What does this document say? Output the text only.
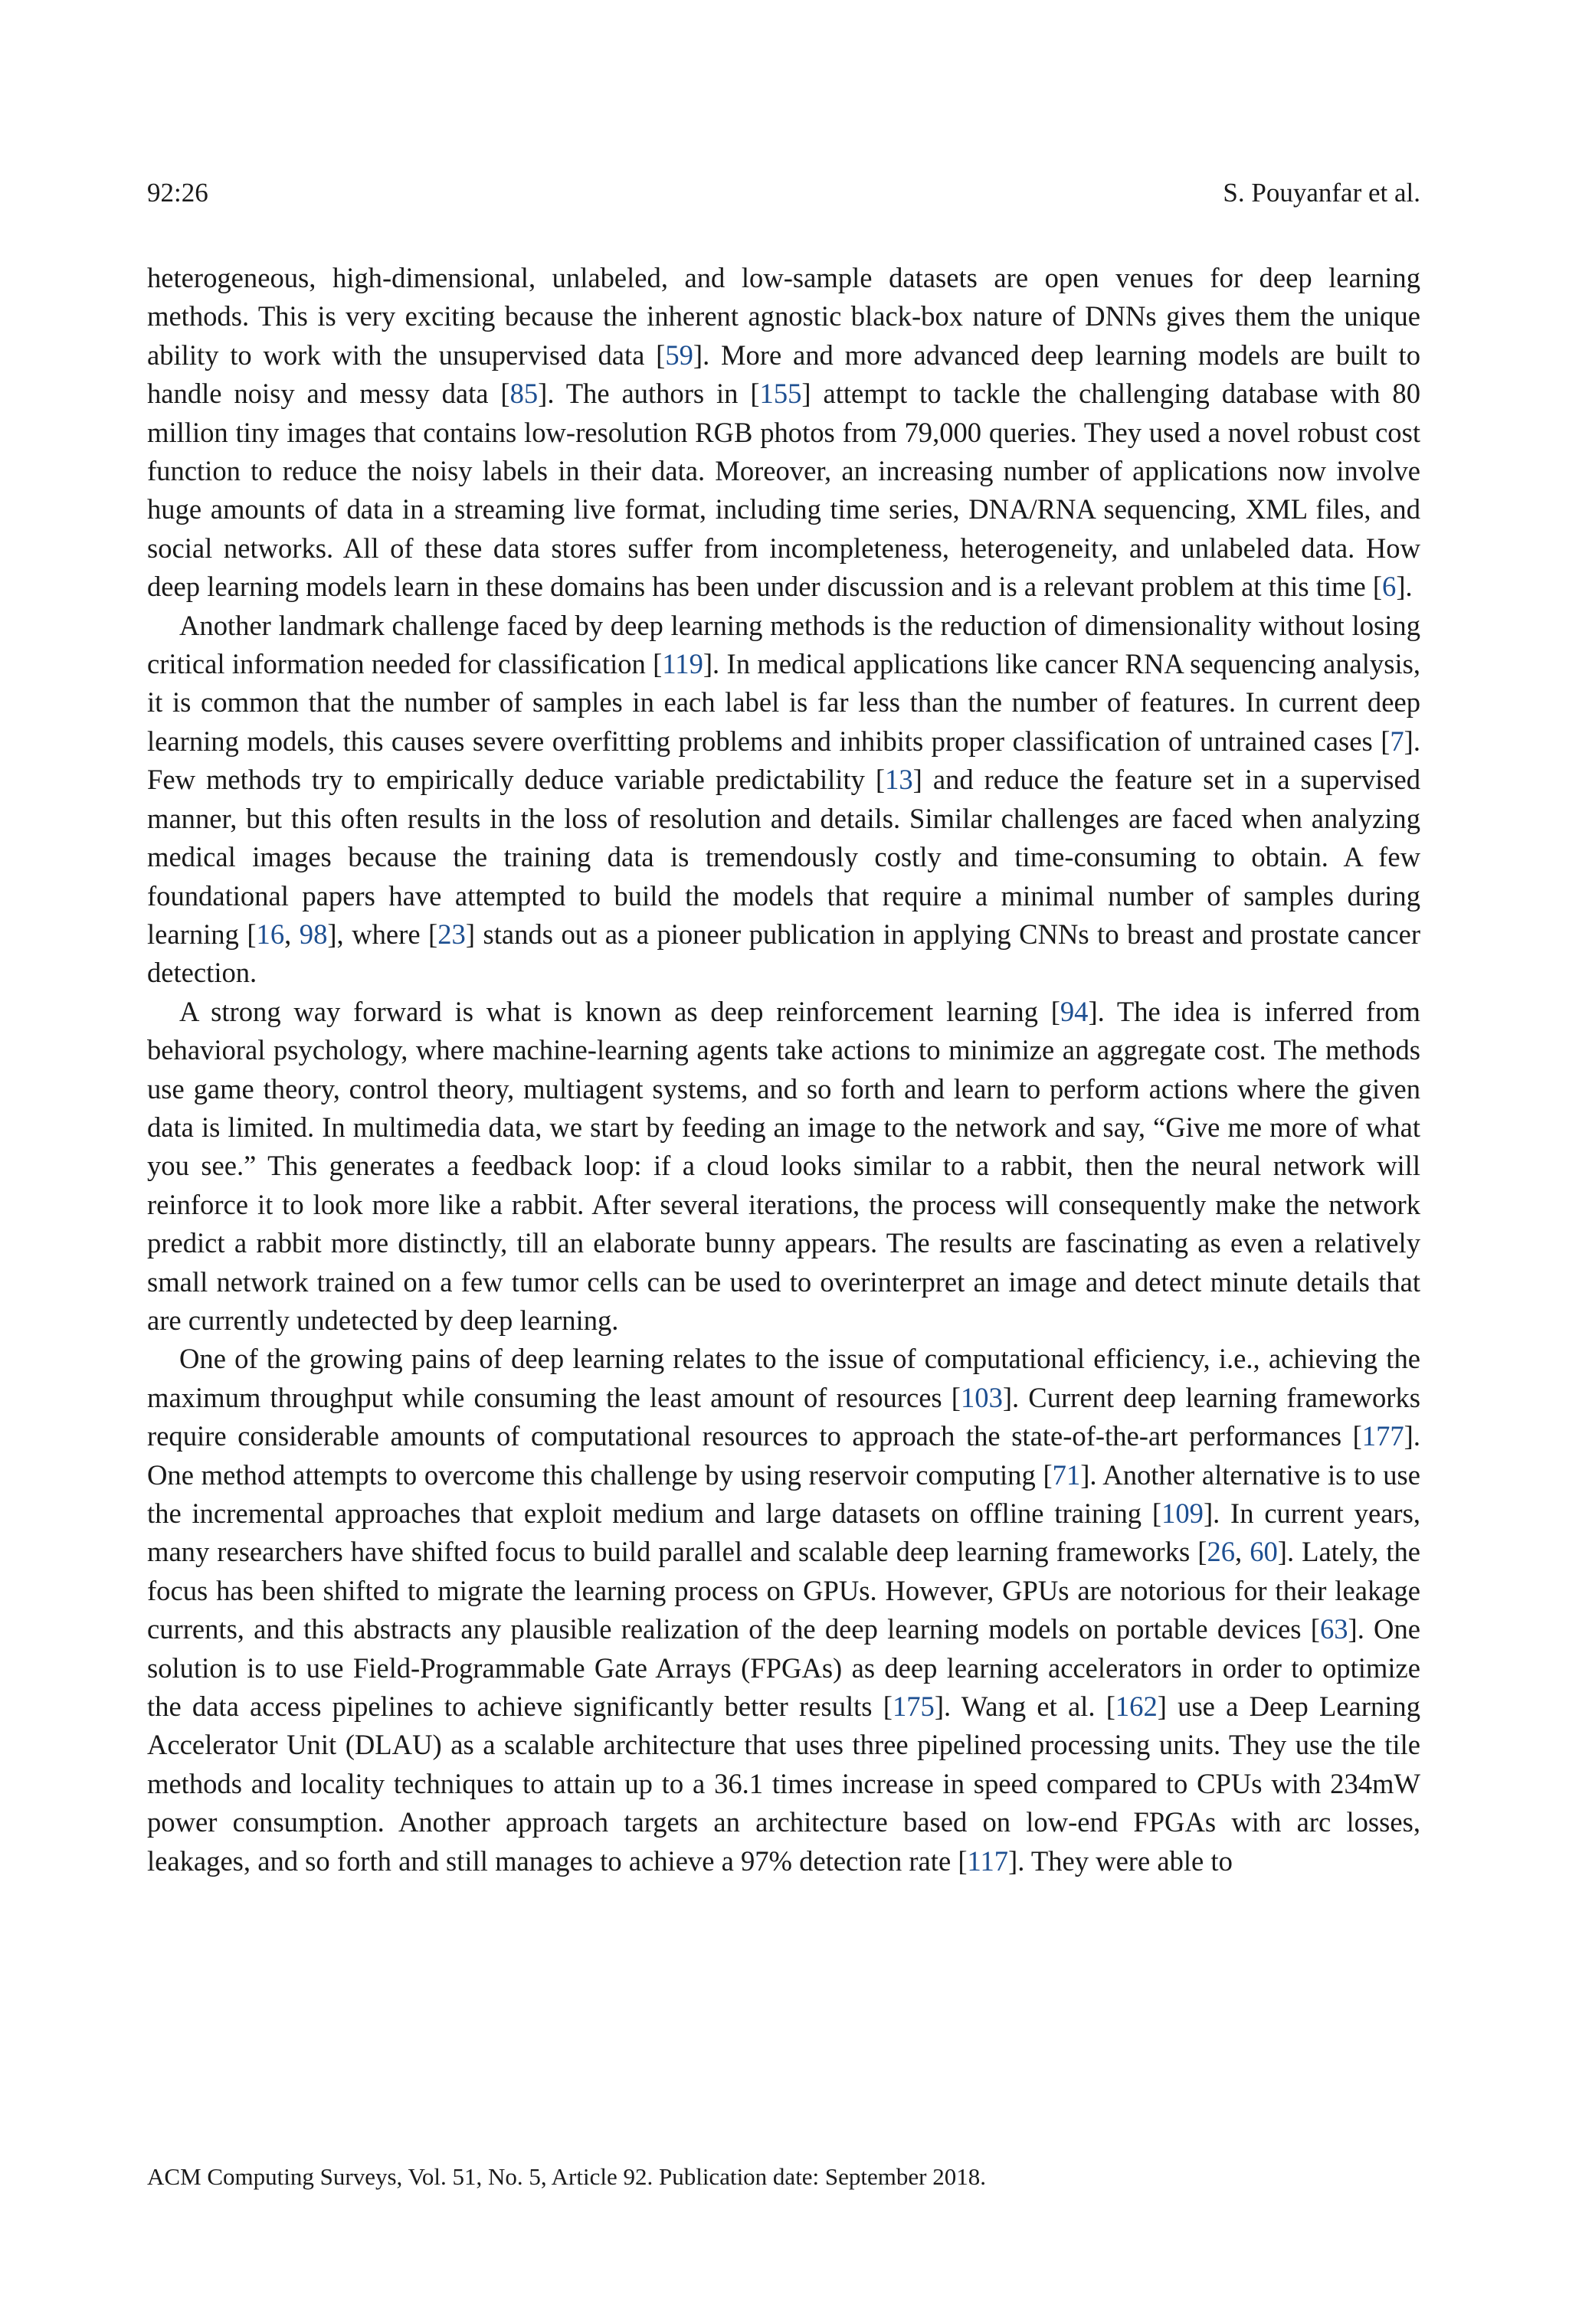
92:26	S. Pouyanfar et al.

heterogeneous, high-dimensional, unlabeled, and low-sample datasets are open venues for deep learning methods. This is very exciting because the inherent agnostic black-box nature of DNNs gives them the unique ability to work with the unsupervised data [59]. More and more advanced deep learning models are built to handle noisy and messy data [85]. The authors in [155] attempt to tackle the challenging database with 80 million tiny images that contains low-resolution RGB photos from 79,000 queries. They used a novel robust cost function to reduce the noisy labels in their data. Moreover, an increasing number of applications now involve huge amounts of data in a streaming live format, including time series, DNA/RNA sequencing, XML files, and social networks. All of these data stores suffer from incompleteness, heterogeneity, and unlabeled data. How deep learning models learn in these domains has been under discussion and is a relevant problem at this time [6].

Another landmark challenge faced by deep learning methods is the reduction of dimensionality without losing critical information needed for classification [119]. In medical applications like cancer RNA sequencing analysis, it is common that the number of samples in each label is far less than the number of features. In current deep learning models, this causes severe overfitting problems and inhibits proper classification of untrained cases [7]. Few methods try to empirically deduce variable predictability [13] and reduce the feature set in a supervised manner, but this often results in the loss of resolution and details. Similar challenges are faced when analyzing medical images because the training data is tremendously costly and time-consuming to obtain. A few foundational papers have attempted to build the models that require a minimal number of samples during learning [16, 98], where [23] stands out as a pioneer publication in applying CNNs to breast and prostate cancer detection.

A strong way forward is what is known as deep reinforcement learning [94]. The idea is inferred from behavioral psychology, where machine-learning agents take actions to minimize an aggregate cost. The methods use game theory, control theory, multiagent systems, and so forth and learn to perform actions where the given data is limited. In multimedia data, we start by feeding an image to the network and say, “Give me more of what you see.” This generates a feedback loop: if a cloud looks similar to a rabbit, then the neural network will reinforce it to look more like a rabbit. After several iterations, the process will consequently make the network predict a rabbit more distinctly, till an elaborate bunny appears. The results are fascinating as even a relatively small network trained on a few tumor cells can be used to overinterpret an image and detect minute details that are currently undetected by deep learning.

One of the growing pains of deep learning relates to the issue of computational efficiency, i.e., achieving the maximum throughput while consuming the least amount of resources [103]. Current deep learning frameworks require considerable amounts of computational resources to approach the state-of-the-art performances [177]. One method attempts to overcome this challenge by using reservoir computing [71]. Another alternative is to use the incremental approaches that exploit medium and large datasets on offline training [109]. In current years, many researchers have shifted focus to build parallel and scalable deep learning frameworks [26, 60]. Lately, the focus has been shifted to migrate the learning process on GPUs. However, GPUs are notorious for their leakage currents, and this abstracts any plausible realization of the deep learning models on portable devices [63]. One solution is to use Field-Programmable Gate Arrays (FPGAs) as deep learning accelerators in order to optimize the data access pipelines to achieve significantly better results [175]. Wang et al. [162] use a Deep Learning Accelerator Unit (DLAU) as a scalable architecture that uses three pipelined processing units. They use the tile methods and locality techniques to attain up to a 36.1 times increase in speed compared to CPUs with 234mW power consumption. Another approach targets an architecture based on low-end FPGAs with arc losses, leakages, and so forth and still manages to achieve a 97% detection rate [117]. They were able to

ACM Computing Surveys, Vol. 51, No. 5, Article 92. Publication date: September 2018.
